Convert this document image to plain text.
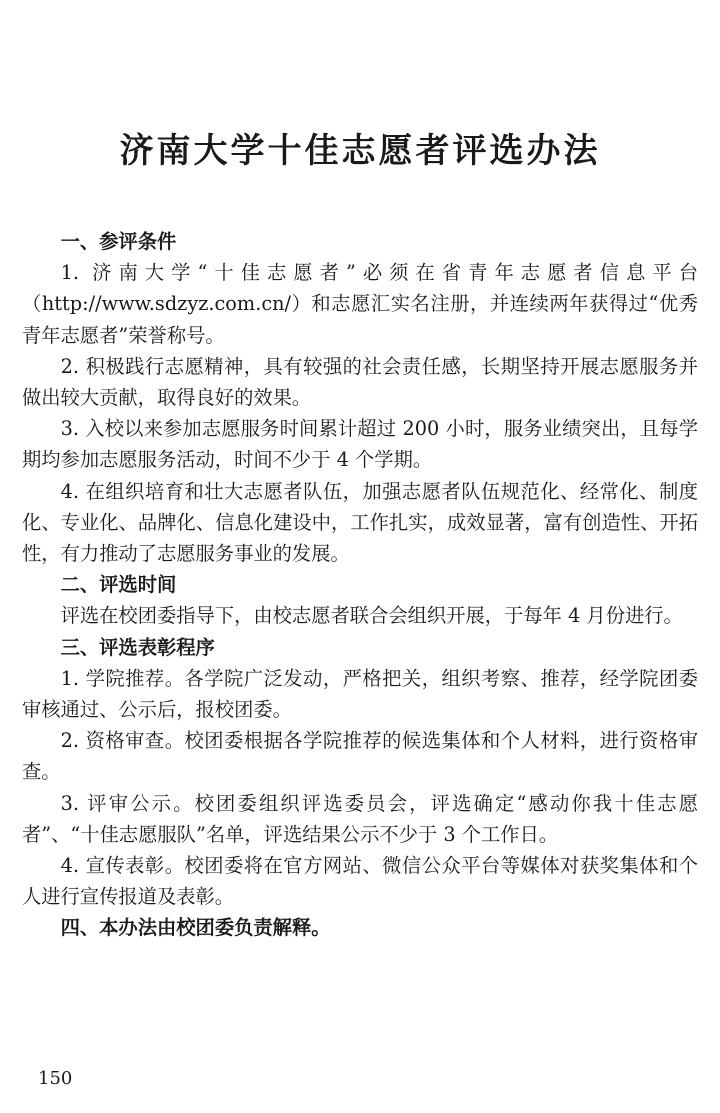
济南大学十佳志愿者评选办法
一、参评条件

1. 济南大学“十佳志愿者”必须在省青年志愿者信息平台（http://www.sdzyz.com.cn/）和志愿汇实名注册，并连续两年获得过“优秀青年志愿者”荣誉称号。

2. 积极践行志愿精神，具有较强的社会责任感，长期坚持开展志愿服务并做出较大贡献，取得良好的效果。

3. 入校以来参加志愿服务时间累计超过 200 小时，服务业绩突出，且每学期均参加志愿服务活动，时间不少于 4 个学期。

4. 在组织培育和壮大志愿者队伍，加强志愿者队伍规范化、经常化、制度化、专业化、品牌化、信息化建设中，工作扎实，成效显著，富有创造性、开拓性，有力推动了志愿服务事业的发展。

二、评选时间

评选在校团委指导下，由校志愿者联合会组织开展，于每年 4 月份进行。

三、评选表彰程序

1. 学院推荐。各学院广泛发动，严格把关，组织考察、推荐，经学院团委审核通过、公示后，报校团委。

2. 资格审查。校团委根据各学院推荐的候选集体和个人材料，进行资格审查。

3. 评审公示。校团委组织评选委员会，评选确定“感动你我十佳志愿者”、“十佳志愿服队”名单，评选结果公示不少于 3 个工作日。

4. 宣传表彰。校团委将在官方网站、微信公众平台等媒体对获奖集体和个人进行宣传报道及表彰。

四、本办法由校团委负责解释。
150
